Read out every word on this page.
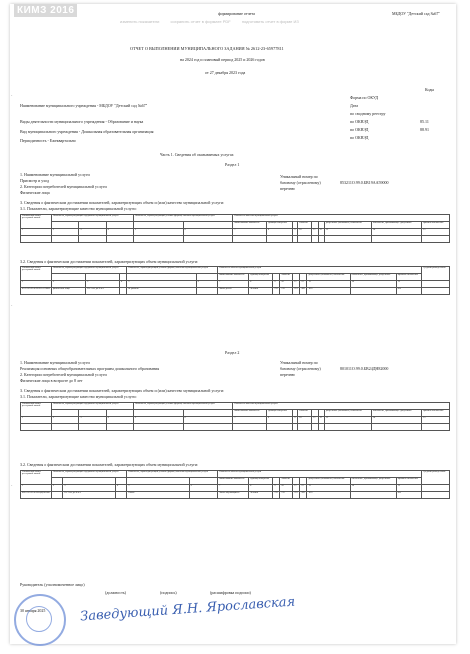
КИМЗ 2016	формирование отчета	МБДОУ "Детский сад №67"
изменить показатели	сохранить отчет в формате PDF	подготовить отчет в форме ИЗ
ОТЧЕТ О ВЫПОЛНЕНИИ МУНИЦИПАЛЬНОГО ЗАДАНИЯ № 2612-23-65977811
на 2024 год и плановый период 2025 и 2026 годов
от 27 декабря 2023 года
Коды
Форма по ОКУД
Дата
по сводному реестру
по ОКВЭД	85.11
по ОКВЭД	88.91
по ОКВЭД
Наименование муниципального учреждения - МБДОУ "Детский сад №67"
Виды деятельности муниципального учреждения - Образование и наука
Вид муниципального учреждения - Дошкольная образовательная организация
Периодичность - Ежеквартально
Часть 1. Сведения об оказываемых услугах
Раздел 1
1. Наименование муниципальной услуги
Присмотр и уход
2. Категории потребителей муниципальной услуги
Физические лица
Уникальный номер по
базовому (отраслевому)
перечню
853211О.99.0.БВ19АА59000
3. Сведения о фактическом достижении показателей, характеризующих объем и (или) качество муниципальной услуги:
3.1. Показатели, характеризующие качество муниципальной услуги:
Уникальный номер реестровой записи	Показатель, характеризующий содержание муниципальной услуги			Показатель, характеризующий условия (формы) оказания муниципальной услуги		Показатель качества муниципальной услуги								
						наименование показателя	единица измерения		значение			допустимое (возможное) отклонение	отклонение, превышающее допустимое	причина отклонения
1	2	3	4	5	6	7	8	9	10	11	12	13	14	15

3.2. Сведения о фактическом достижении показателей, характеризующих объем муниципальной услуги:
Уникальный номер реестровой записи	Показатель, характеризующий содержание муниципальной услуги			Показатель, характеризующий условия (формы) оказания муниципальной услуги		Показатель объема муниципальной услуги									Средний размер платы
						наименование показателя	единица измерения		значение			допустимое (возможное) отклонение	отклонение, превышающее допустимое	причина отклонения	
1	2	3	4	5	6	7	8	9	10	11	12	13	14	15	
853211О.99.0.БВ19АА59000	физические лица	От 3 лет до 8 лет		не указано		Число детей	Человек	792	215	215	209	10%		нет	
Раздел 2
1. Наименование муниципальной услуги
Реализация основных общеобразовательных программ дошкольного образования
2. Категории потребителей муниципальной услуги
Физические лица в возрасте до 8 лет
Уникальный номер по
базовому (отраслевому)
перечню
801011О.99.0.БВ24ДН82000
3. Сведения о фактическом достижении показателей, характеризующих объем и (или) качество муниципальной услуги:
3.1. Показатели, характеризующие качество муниципальной услуги:
Уникальный номер реестровой записи	Показатель, характеризующий содержание муниципальной услуги			Показатель, характеризующий условия (формы) оказания муниципальной услуги		Показатель качества муниципальной услуги								
						наименование показателя	единица измерения		значение			допустимое (возможное) отклонение	отклонение, превышающее допустимое	причина отклонения
1	2	3	4	5	6	7	8	9	10	11	12	13	14	15

3.2. Сведения о фактическом достижении показателей, характеризующих объем муниципальной услуги:
Уникальный номер реестровой записи	Показатель, характеризующий содержание муниципальной услуги			Показатель, характеризующий условия (формы) оказания муниципальной услуги		Показатель объема муниципальной услуги									Средний размер платы
						наименование показателя	единица измерения		значение			допустимое (возможное) отклонение	отклонение, превышающее допустимое	причина отклонения	
1	2	3	4	5	6	7	8	9	10	11	12	13	14	15	
801011О.99.0.БВ24ДН82000		От 3 лет до 8 лет		Очная		Число обучающихся	Человек	792	215	215	209	10%		нет	
Руководитель (уполномоченное лицо)
(должность)	(подпись)	(расшифровка подписи)
30 января 2025	Заведующий Я.Н. Ярославская
·
·
·
